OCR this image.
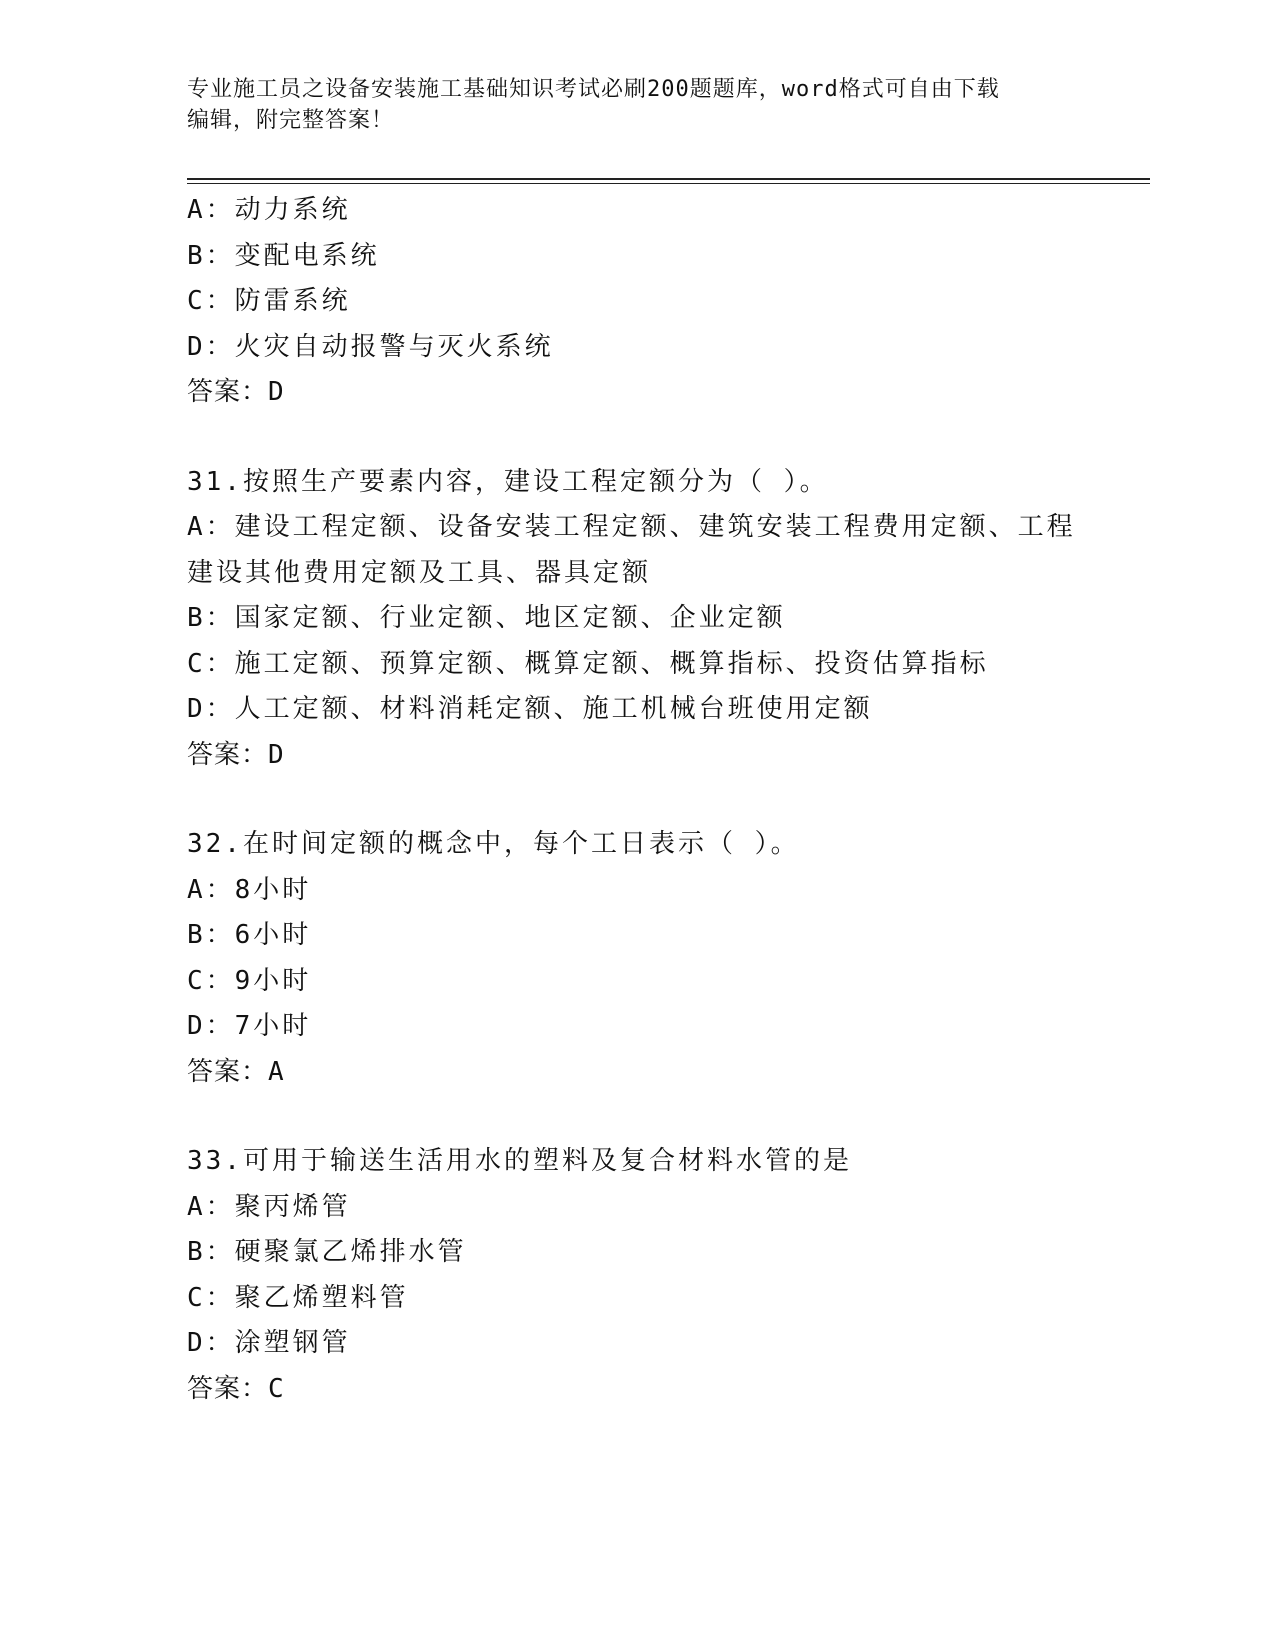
专业施工员之设备安装施工基础知识考试必刷200题题库，word格式可自由下载
编辑，附完整答案！
A：动力系统
B：变配电系统
C：防雷系统
D：火灾自动报警与灭火系统
答案：D
31.按照生产要素内容，建设工程定额分为（ ）。
A：建设工程定额、设备安装工程定额、建筑安装工程费用定额、工程
建设其他费用定额及工具、器具定额
B：国家定额、行业定额、地区定额、企业定额
C：施工定额、预算定额、概算定额、概算指标、投资估算指标
D：人工定额、材料消耗定额、施工机械台班使用定额
答案：D
32.在时间定额的概念中，每个工日表示（ ）。
A：8小时
B：6小时
C：9小时
D：7小时
答案：A
33.可用于输送生活用水的塑料及复合材料水管的是
A：聚丙烯管
B：硬聚氯乙烯排水管
C：聚乙烯塑料管
D：涂塑钢管
答案：C
